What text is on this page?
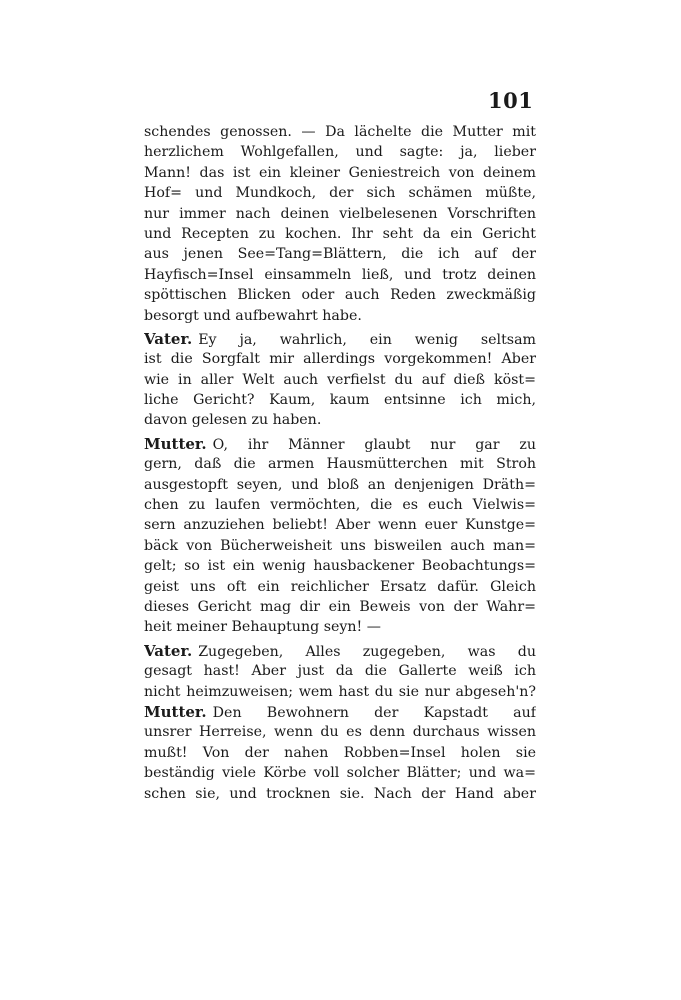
101
schendes genossen. — Da lächelte die Mutter mit
herzlichem Wohlgefallen, und sagte: ja, lieber
Mann! das ist ein kleiner Geniestreich von deinem
Hof= und Mundkoch, der sich schämen müßte,
nur immer nach deinen vielbelesenen Vorschriften
und Recepten zu kochen. Ihr seht da ein Gericht
aus jenen See=Tang=Blättern, die ich auf der
Hayfisch=Insel einsammeln ließ, und trotz deinen
spöttischen Blicken oder auch Reden zweckmäßig
besorgt und aufbewahrt habe.
Vater. Ey ja, wahrlich, ein wenig seltsam
ist die Sorgfalt mir allerdings vorgekommen! Aber
wie in aller Welt auch verfielst du auf dieß köst=
liche Gericht? Kaum, kaum entsinne ich mich,
davon gelesen zu haben.
Mutter. O, ihr Männer glaubt nur gar zu
gern, daß die armen Hausmütterchen mit Stroh
ausgestopft seyen, und bloß an denjenigen Dräth=
chen zu laufen vermöchten, die es euch Vielwis=
sern anzuziehen beliebt! Aber wenn euer Kunstge=
bäck von Bücherweisheit uns bisweilen auch man=
gelt; so ist ein wenig hausbackener Beobachtungs=
geist uns oft ein reichlicher Ersatz dafür. Gleich
dieses Gericht mag dir ein Beweis von der Wahr=
heit meiner Behauptung seyn! —
Vater. Zugegeben, Alles zugegeben, was du
gesagt hast! Aber just da die Gallerte weiß ich
nicht heimzuweisen; wem hast du sie nur abgeseh'n?
Mutter. Den Bewohnern der Kapstadt auf
unsrer Herreise, wenn du es denn durchaus wissen
mußt! Von der nahen Robben=Insel holen sie
beständig viele Körbe voll solcher Blätter; und wa=
schen sie, und trocknen sie. Nach der Hand aber
